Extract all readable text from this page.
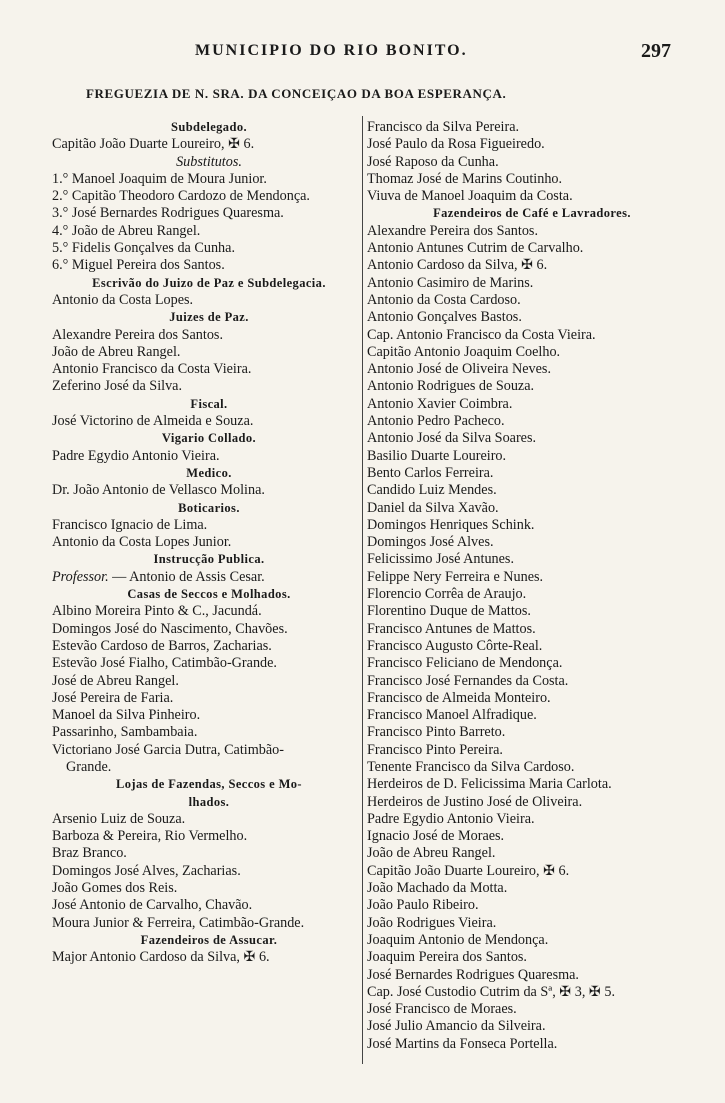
MUNICIPIO DO RIO BONITO.	297
FREGUEZIA DE N. SRA. DA CONCEIÇAO DA BOA ESPERANÇA.
Subdelegado.
Capitão João Duarte Loureiro, ✠ 6.
Substitutos.
1.° Manoel Joaquim de Moura Junior.
2.° Capitão Theodoro Cardozo de Mendonça.
3.° José Bernardes Rodrigues Quaresma.
4.° João de Abreu Rangel.
5.° Fidelis Gonçalves da Cunha.
6.° Miguel Pereira dos Santos.
Escrivão do Juizo de Paz e Subdelegacia.
Antonio da Costa Lopes.
Juizes de Paz.
Alexandre Pereira dos Santos.
João de Abreu Rangel.
Antonio Francisco da Costa Vieira.
Zeferino José da Silva.
Fiscal.
José Victorino de Almeida e Souza.
Vigario Collado.
Padre Egydio Antonio Vieira.
Medico.
Dr. João Antonio de Vellasco Molina.
Boticarios.
Francisco Ignacio de Lima.
Antonio da Costa Lopes Junior.
Instrucção Publica.
Professor. — Antonio de Assis Cesar.
Casas de Seccos e Molhados.
Albino Moreira Pinto & C., Jacundá.
Domingos José do Nascimento, Chavões.
Estevão Cardoso de Barros, Zacharias.
Estevão José Fialho, Catimbão-Grande.
José de Abreu Rangel.
José Pereira de Faria.
Manoel da Silva Pinheiro.
Passarinho, Sambambaia.
Victoriano José Garcia Dutra, Catimbão-
Grande.
Lojas de Fazendas, Seccos e Mo-
lhados.
Arsenio Luiz de Souza.
Barboza & Pereira, Rio Vermelho.
Braz Branco.
Domingos José Alves, Zacharias.
João Gomes dos Reis.
José Antonio de Carvalho, Chavão.
Moura Junior & Ferreira, Catimbão-Grande.
Fazendeiros de Assucar.
Major Antonio Cardoso da Silva, ✠ 6.
Francisco da Silva Pereira.
José Paulo da Rosa Figueiredo.
José Raposo da Cunha.
Thomaz José de Marins Coutinho.
Viuva de Manoel Joaquim da Costa.
Fazendeiros de Café e Lavradores.
Alexandre Pereira dos Santos.
Antonio Antunes Cutrim de Carvalho.
Antonio Cardoso da Silva, ✠ 6.
Antonio Casimiro de Marins.
Antonio da Costa Cardoso.
Antonio Gonçalves Bastos.
Cap. Antonio Francisco da Costa Vieira.
Capitão Antonio Joaquim Coelho.
Antonio José de Oliveira Neves.
Antonio Rodrigues de Souza.
Antonio Xavier Coimbra.
Antonio Pedro Pacheco.
Antonio José da Silva Soares.
Basilio Duarte Loureiro.
Bento Carlos Ferreira.
Candido Luiz Mendes.
Daniel da Silva Xavão.
Domingos Henriques Schink.
Domingos José Alves.
Felicissimo José Antunes.
Felippe Nery Ferreira e Nunes.
Florencio Corrêa de Araujo.
Florentino Duque de Mattos.
Francisco Antunes de Mattos.
Francisco Augusto Côrte-Real.
Francisco Feliciano de Mendonça.
Francisco José Fernandes da Costa.
Francisco de Almeida Monteiro.
Francisco Manoel Alfradique.
Francisco Pinto Barreto.
Francisco Pinto Pereira.
Tenente Francisco da Silva Cardoso.
Herdeiros de D. Felicissima Maria Carlota.
Herdeiros de Justino José de Oliveira.
Padre Egydio Antonio Vieira.
Ignacio José de Moraes.
João de Abreu Rangel.
Capitão João Duarte Loureiro, ✠ 6.
João Machado da Motta.
João Paulo Ribeiro.
João Rodrigues Vieira.
Joaquim Antonio de Mendonça.
Joaquim Pereira dos Santos.
José Bernardes Rodrigues Quaresma.
Cap. José Custodio Cutrim da Sª, ✠ 3, ✠ 5.
José Francisco de Moraes.
José Julio Amancio da Silveira.
José Martins da Fonseca Portella.
